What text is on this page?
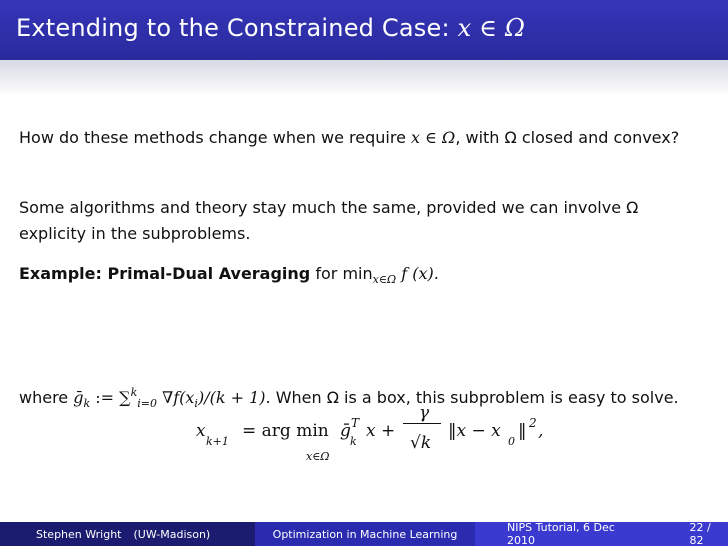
Extending to the Constrained Case: x ∈ Ω

How do these methods change when we require x ∈ Ω, with Ω closed and convex?

Some algorithms and theory stay much the same, provided we can involve Ω explicity in the subproblems.

Example: Primal-Dual Averaging for $\min_{x\in\Omega} f$ (x).

x
k+1
= arg min
x∈Ω
ḡ
k
T x +
γ
√k
‖x − x
0
‖ 2 ,

where ḡ$_k$ := ∑$^k_{i=0}$ $\nabla f(x_i)/(k + 1)$. When Ω is a box, this subproblem is easy to solve.

Stephen Wright (UW-Madison)	Optimization in Machine Learning	NIPS Tutorial, 6 Dec 2010
22 / 82
